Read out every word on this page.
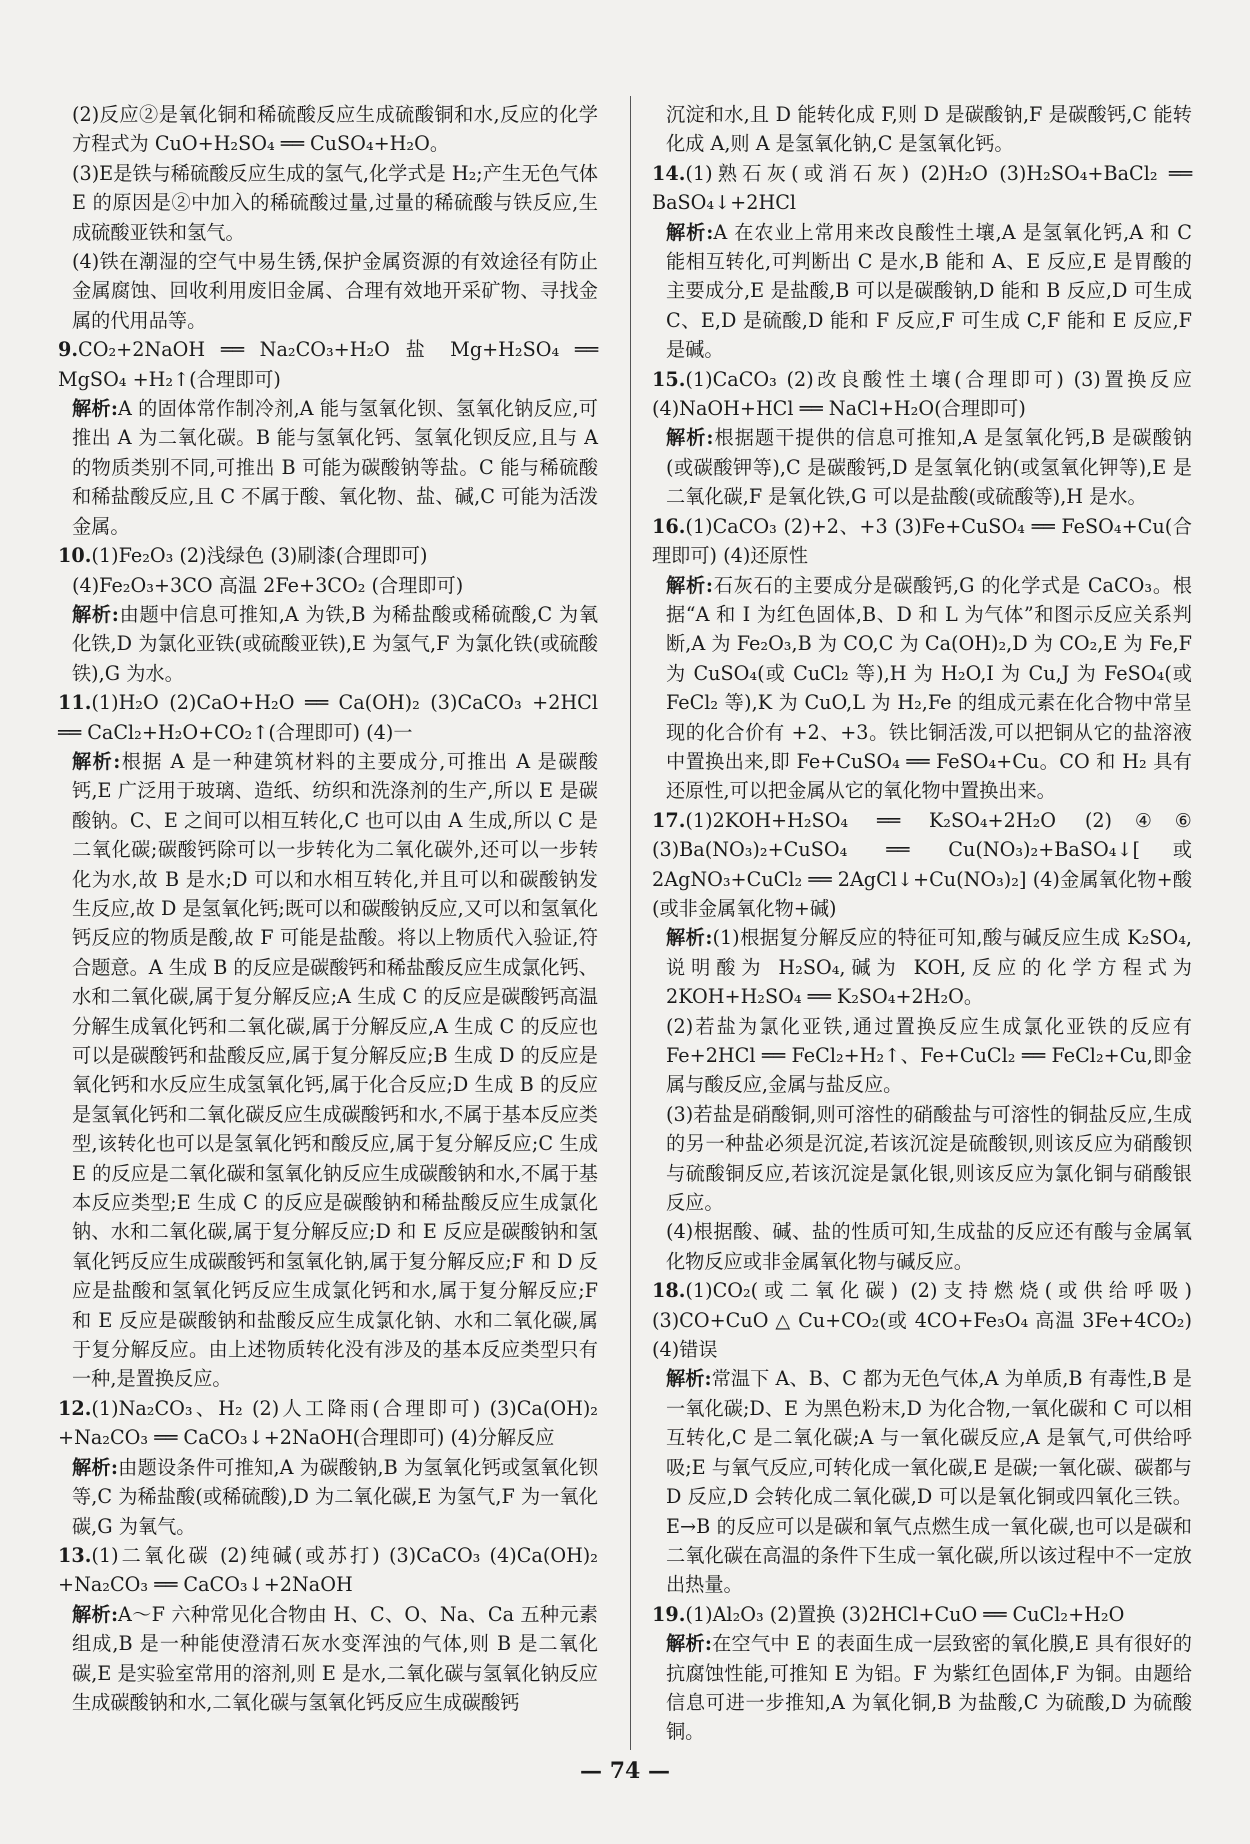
(2)反应②是氧化铜和稀硫酸反应生成硫酸铜和水,反应的化学方程式为 CuO+H₂SO₄ ══ CuSO₄+H₂O。
(3)E是铁与稀硫酸反应生成的氢气,化学式是 H₂;产生无色气体 E 的原因是②中加入的稀硫酸过量,过量的稀硫酸与铁反应,生成硫酸亚铁和氢气。
(4)铁在潮湿的空气中易生锈,保护金属资源的有效途径有防止金属腐蚀、回收利用废旧金属、合理有效地开采矿物、寻找金属的代用品等。
9.CO₂+2NaOH ══ Na₂CO₃+H₂O 盐 Mg+H₂SO₄ ══ MgSO₄ +H₂↑(合理即可)
解析:A 的固体常作制冷剂,A 能与氢氧化钡、氢氧化钠反应,可推出 A 为二氧化碳。B 能与氢氧化钙、氢氧化钡反应,且与 A 的物质类别不同,可推出 B 可能为碳酸钠等盐。C 能与稀硫酸和稀盐酸反应,且 C 不属于酸、氧化物、盐、碱,C 可能为活泼金属。
10.(1)Fe₂O₃ (2)浅绿色 (3)刷漆(合理即可)
(4)Fe₂O₃+3CO 高温 2Fe+3CO₂ (合理即可)
解析:由题中信息可推知,A 为铁,B 为稀盐酸或稀硫酸,C 为氧化铁,D 为氯化亚铁(或硫酸亚铁),E 为氢气,F 为氯化铁(或硫酸铁),G 为水。
11.(1)H₂O (2)CaO+H₂O ══ Ca(OH)₂ (3)CaCO₃ +2HCl ══ CaCl₂+H₂O+CO₂↑(合理即可) (4)一
解析:根据 A 是一种建筑材料的主要成分,可推出 A 是碳酸钙,E 广泛用于玻璃、造纸、纺织和洗涤剂的生产,所以 E 是碳酸钠。C、E 之间可以相互转化,C 也可以由 A 生成,所以 C 是二氧化碳;碳酸钙除可以一步转化为二氧化碳外,还可以一步转化为水,故 B 是水;D 可以和水相互转化,并且可以和碳酸钠发生反应,故 D 是氢氧化钙;既可以和碳酸钠反应,又可以和氢氧化钙反应的物质是酸,故 F 可能是盐酸。将以上物质代入验证,符合题意。A 生成 B 的反应是碳酸钙和稀盐酸反应生成氯化钙、水和二氧化碳,属于复分解反应;A 生成 C 的反应是碳酸钙高温分解生成氧化钙和二氧化碳,属于分解反应,A 生成 C 的反应也可以是碳酸钙和盐酸反应,属于复分解反应;B 生成 D 的反应是氧化钙和水反应生成氢氧化钙,属于化合反应;D 生成 B 的反应是氢氧化钙和二氧化碳反应生成碳酸钙和水,不属于基本反应类型,该转化也可以是氢氧化钙和酸反应,属于复分解反应;C 生成 E 的反应是二氧化碳和氢氧化钠反应生成碳酸钠和水,不属于基本反应类型;E 生成 C 的反应是碳酸钠和稀盐酸反应生成氯化钠、水和二氧化碳,属于复分解反应;D 和 E 反应是碳酸钠和氢氧化钙反应生成碳酸钙和氢氧化钠,属于复分解反应;F 和 D 反应是盐酸和氢氧化钙反应生成氯化钙和水,属于复分解反应;F 和 E 反应是碳酸钠和盐酸反应生成氯化钠、水和二氧化碳,属于复分解反应。由上述物质转化没有涉及的基本反应类型只有一种,是置换反应。
12.(1)Na₂CO₃、H₂ (2)人工降雨(合理即可) (3)Ca(OH)₂ +Na₂CO₃ ══ CaCO₃↓+2NaOH(合理即可) (4)分解反应
解析:由题设条件可推知,A 为碳酸钠,B 为氢氧化钙或氢氧化钡等,C 为稀盐酸(或稀硫酸),D 为二氧化碳,E 为氢气,F 为一氧化碳,G 为氧气。
13.(1)二氧化碳 (2)纯碱(或苏打) (3)CaCO₃ (4)Ca(OH)₂ +Na₂CO₃ ══ CaCO₃↓+2NaOH
解析:A～F 六种常见化合物由 H、C、O、Na、Ca 五种元素组成,B 是一种能使澄清石灰水变浑浊的气体,则 B 是二氧化碳,E 是实验室常用的溶剂,则 E 是水,二氧化碳与氢氧化钠反应生成碳酸钠和水,二氧化碳与氢氧化钙反应生成碳酸钙
沉淀和水,且 D 能转化成 F,则 D 是碳酸钠,F 是碳酸钙,C 能转化成 A,则 A 是氢氧化钠,C 是氢氧化钙。
14.(1)熟石灰(或消石灰) (2)H₂O (3)H₂SO₄+BaCl₂ ══ BaSO₄↓+2HCl
解析:A 在农业上常用来改良酸性土壤,A 是氢氧化钙,A 和 C 能相互转化,可判断出 C 是水,B 能和 A、E 反应,E 是胃酸的主要成分,E 是盐酸,B 可以是碳酸钠,D 能和 B 反应,D 可生成 C、E,D 是硫酸,D 能和 F 反应,F 可生成 C,F 能和 E 反应,F 是碱。
15.(1)CaCO₃ (2)改良酸性土壤(合理即可) (3)置换反应 (4)NaOH+HCl ══ NaCl+H₂O(合理即可)
解析:根据题干提供的信息可推知,A 是氢氧化钙,B 是碳酸钠(或碳酸钾等),C 是碳酸钙,D 是氢氧化钠(或氢氧化钾等),E 是二氧化碳,F 是氧化铁,G 可以是盐酸(或硫酸等),H 是水。
16.(1)CaCO₃ (2)+2、+3 (3)Fe+CuSO₄ ══ FeSO₄+Cu(合理即可) (4)还原性
解析:石灰石的主要成分是碳酸钙,G 的化学式是 CaCO₃。根据“A 和 I 为红色固体,B、D 和 L 为气体”和图示反应关系判断,A 为 Fe₂O₃,B 为 CO,C 为 Ca(OH)₂,D 为 CO₂,E 为 Fe,F 为 CuSO₄(或 CuCl₂ 等),H 为 H₂O,I 为 Cu,J 为 FeSO₄(或 FeCl₂ 等),K 为 CuO,L 为 H₂,Fe 的组成元素在化合物中常呈现的化合价有 +2、+3。铁比铜活泼,可以把铜从它的盐溶液中置换出来,即 Fe+CuSO₄ ══ FeSO₄+Cu。CO 和 H₂ 具有还原性,可以把金属从它的氧化物中置换出来。
17.(1)2KOH+H₂SO₄ ══ K₂SO₄+2H₂O (2)④⑥ (3)Ba(NO₃)₂+CuSO₄ ══ Cu(NO₃)₂+BaSO₄↓[或 2AgNO₃+CuCl₂ ══ 2AgCl↓+Cu(NO₃)₂] (4)金属氧化物+酸(或非金属氧化物+碱)
解析:(1)根据复分解反应的特征可知,酸与碱反应生成 K₂SO₄,说明酸为 H₂SO₄,碱为 KOH,反应的化学方程式为 2KOH+H₂SO₄ ══ K₂SO₄+2H₂O。
(2)若盐为氯化亚铁,通过置换反应生成氯化亚铁的反应有 Fe+2HCl ══ FeCl₂+H₂↑、Fe+CuCl₂ ══ FeCl₂+Cu,即金属与酸反应,金属与盐反应。
(3)若盐是硝酸铜,则可溶性的硝酸盐与可溶性的铜盐反应,生成的另一种盐必须是沉淀,若该沉淀是硫酸钡,则该反应为硝酸钡与硫酸铜反应,若该沉淀是氯化银,则该反应为氯化铜与硝酸银反应。
(4)根据酸、碱、盐的性质可知,生成盐的反应还有酸与金属氧化物反应或非金属氧化物与碱反应。
18.(1)CO₂(或二氧化碳) (2)支持燃烧(或供给呼吸) (3)CO+CuO △ Cu+CO₂(或 4CO+Fe₃O₄ 高温 3Fe+4CO₂) (4)错误
解析:常温下 A、B、C 都为无色气体,A 为单质,B 有毒性,B 是一氧化碳;D、E 为黑色粉末,D 为化合物,一氧化碳和 C 可以相互转化,C 是二氧化碳;A 与一氧化碳反应,A 是氧气,可供给呼吸;E 与氧气反应,可转化成一氧化碳,E 是碳;一氧化碳、碳都与 D 反应,D 会转化成二氧化碳,D 可以是氧化铜或四氧化三铁。E→B 的反应可以是碳和氧气点燃生成一氧化碳,也可以是碳和二氧化碳在高温的条件下生成一氧化碳,所以该过程中不一定放出热量。
19.(1)Al₂O₃ (2)置换 (3)2HCl+CuO ══ CuCl₂+H₂O
解析:在空气中 E 的表面生成一层致密的氧化膜,E 具有很好的抗腐蚀性能,可推知 E 为铝。F 为紫红色固体,F 为铜。由题给信息可进一步推知,A 为氧化铜,B 为盐酸,C 为硫酸,D 为硫酸铜。
— 74 —
